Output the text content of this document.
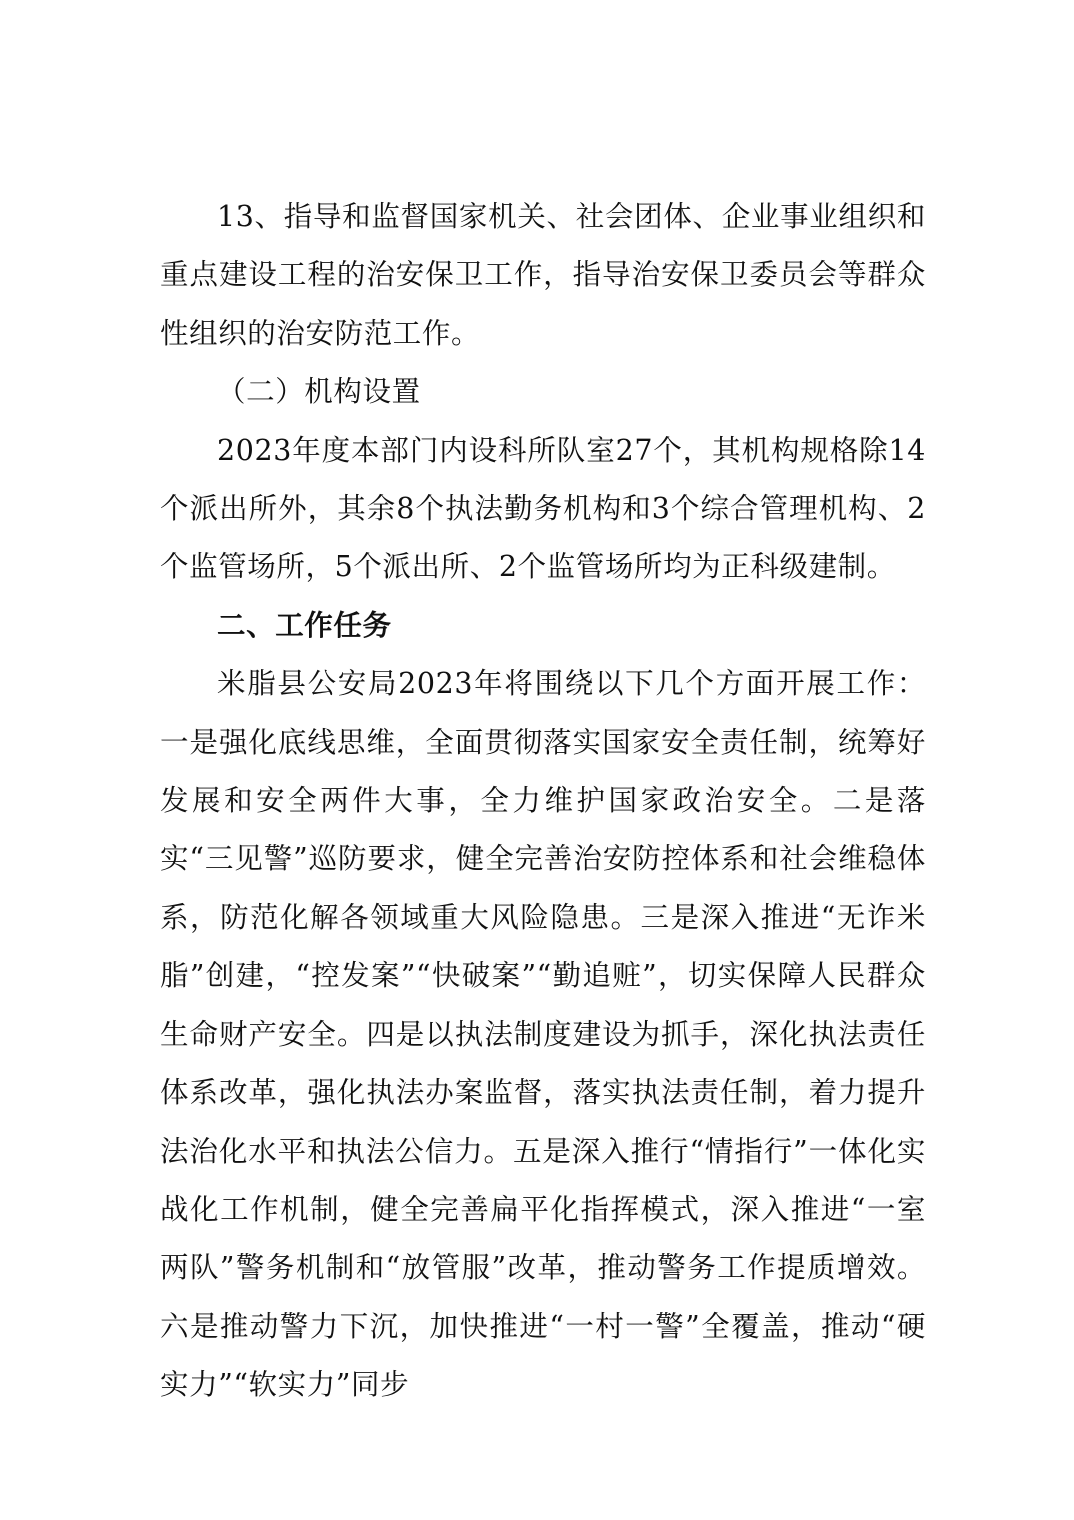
13、指导和监督国家机关、社会团体、企业事业组织和重点建设工程的治安保卫工作，指导治安保卫委员会等群众性组织的治安防范工作。

（二）机构设置

2023年度本部门内设科所队室27个，其机构规格除14个派出所外，其余8个执法勤务机构和3个综合管理机构、2个监管场所，5个派出所、2个监管场所均为正科级建制。

二、工作任务

米脂县公安局2023年将围绕以下几个方面开展工作：一是强化底线思维，全面贯彻落实国家安全责任制，统筹好发展和安全两件大事，全力维护国家政治安全。二是落实“三见警”巡防要求，健全完善治安防控体系和社会维稳体系，防范化解各领域重大风险隐患。三是深入推进“无诈米脂”创建，“控发案”“快破案”“勤追赃”，切实保障人民群众生命财产安全。四是以执法制度建设为抓手，深化执法责任体系改革，强化执法办案监督，落实执法责任制，着力提升法治化水平和执法公信力。五是深入推行“情指行”一体化实战化工作机制，健全完善扁平化指挥模式，深入推进“一室两队”警务机制和“放管服”改革，推动警务工作提质增效。六是推动警力下沉，加快推进“一村一警”全覆盖，推动“硬实力”“软实力”同步
